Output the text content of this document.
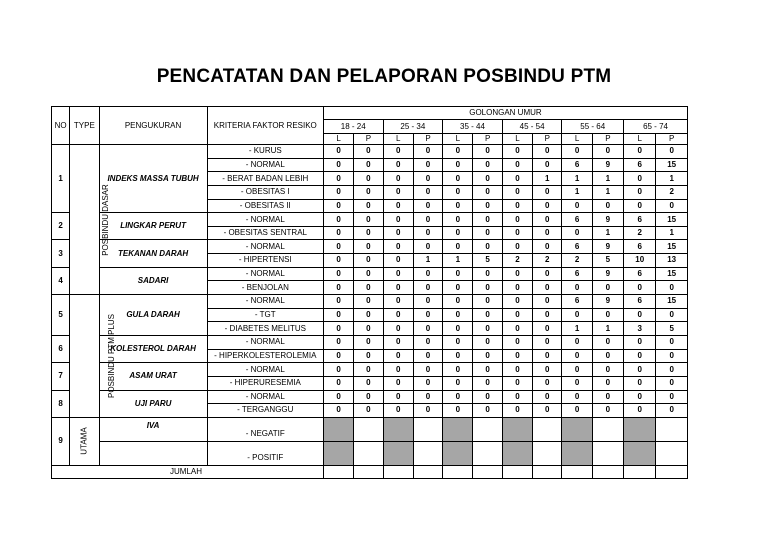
PENCATATAN DAN PELAPORAN POSBINDU PTM
NO	TYPE	PENGUKURAN	KRITERIA FAKTOR RESIKO	GOLONGAN UMUR											
				18 - 24		25 - 34		35 - 44		45 - 54		55 - 64		65 - 74	
				L	P	L	P	L	P	L	P	L	P	L	P
1	POSBINDU DASAR	INDEKS MASSA TUBUH	- KURUS	0	0	0	0	0	0	0	0	0	0	0	0
			- NORMAL	0	0	0	0	0	0	0	0	6	9	6	15
			- BERAT BADAN LEBIH	0	0	0	0	0	0	0	1	1	1	0	1
			- OBESITAS I	0	0	0	0	0	0	0	0	1	1	0	2
			- OBESITAS II	0	0	0	0	0	0	0	0	0	0	0	0
2		LINGKAR PERUT	- NORMAL	0	0	0	0	0	0	0	0	6	9	6	15
			- OBESITAS SENTRAL	0	0	0	0	0	0	0	0	0	1	2	1
3		TEKANAN DARAH	- NORMAL	0	0	0	0	0	0	0	0	6	9	6	15
			- HIPERTENSI	0	0	0	1	1	5	2	2	2	5	10	13
4		SADARI	- NORMAL	0	0	0	0	0	0	0	0	6	9	6	15
			- BENJOLAN	0	0	0	0	0	0	0	0	0	0	0	0
5	POSBINDU PTM PLUS	GULA DARAH	- NORMAL	0	0	0	0	0	0	0	0	6	9	6	15
			- TGT	0	0	0	0	0	0	0	0	0	0	0	0
			- DIABETES MELITUS	0	0	0	0	0	0	0	0	1	1	3	5
6		KOLESTEROL DARAH	- NORMAL	0	0	0	0	0	0	0	0	0	0	0	0
			- HIPERKOLESTEROLEMIA	0	0	0	0	0	0	0	0	0	0	0	0
7		ASAM URAT	- NORMAL	0	0	0	0	0	0	0	0	0	0	0	0
			- HIPERURESEMIA	0	0	0	0	0	0	0	0	0	0	0	0
8		UJI PARU	- NORMAL	0	0	0	0	0	0	0	0	0	0	0	0
			- TERGANGGU	0	0	0	0	0	0	0	0	0	0	0	0
9	UTAMA	IVA	- NEGATIF												
			- POSITIF												
JUMLAH															
